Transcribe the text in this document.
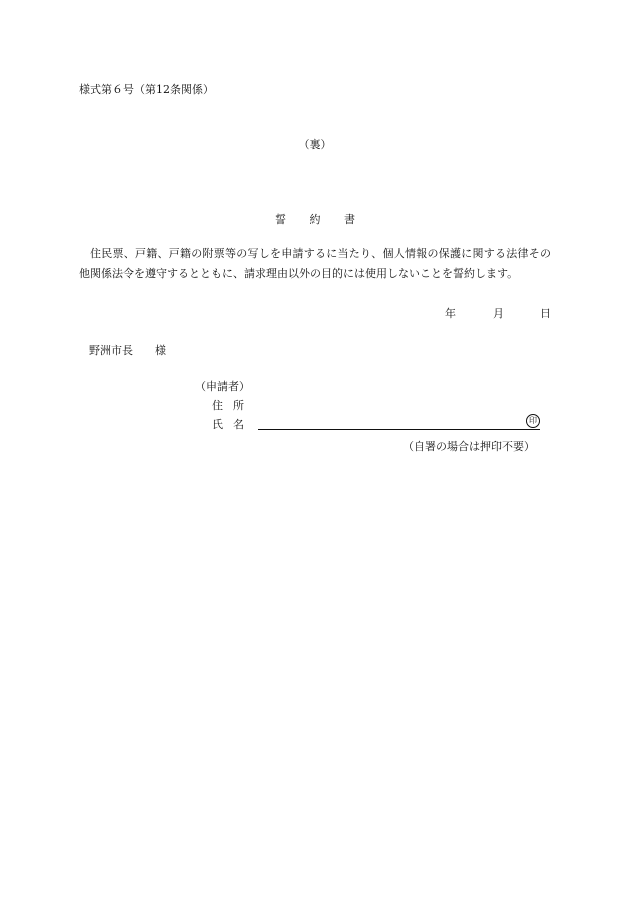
様式第６号（第12条関係）
（裏）
誓 約 書
住民票、戸籍、戸籍の附票等の写しを申請するに当たり、個人情報の保護に関する法律その他関係法令を遵守するとともに、請求理由以外の目的には使用しないことを誓約します。
年	月	日
野洲市長 様
（申請者）
住 所
氏 名	印
（自署の場合は押印不要）
